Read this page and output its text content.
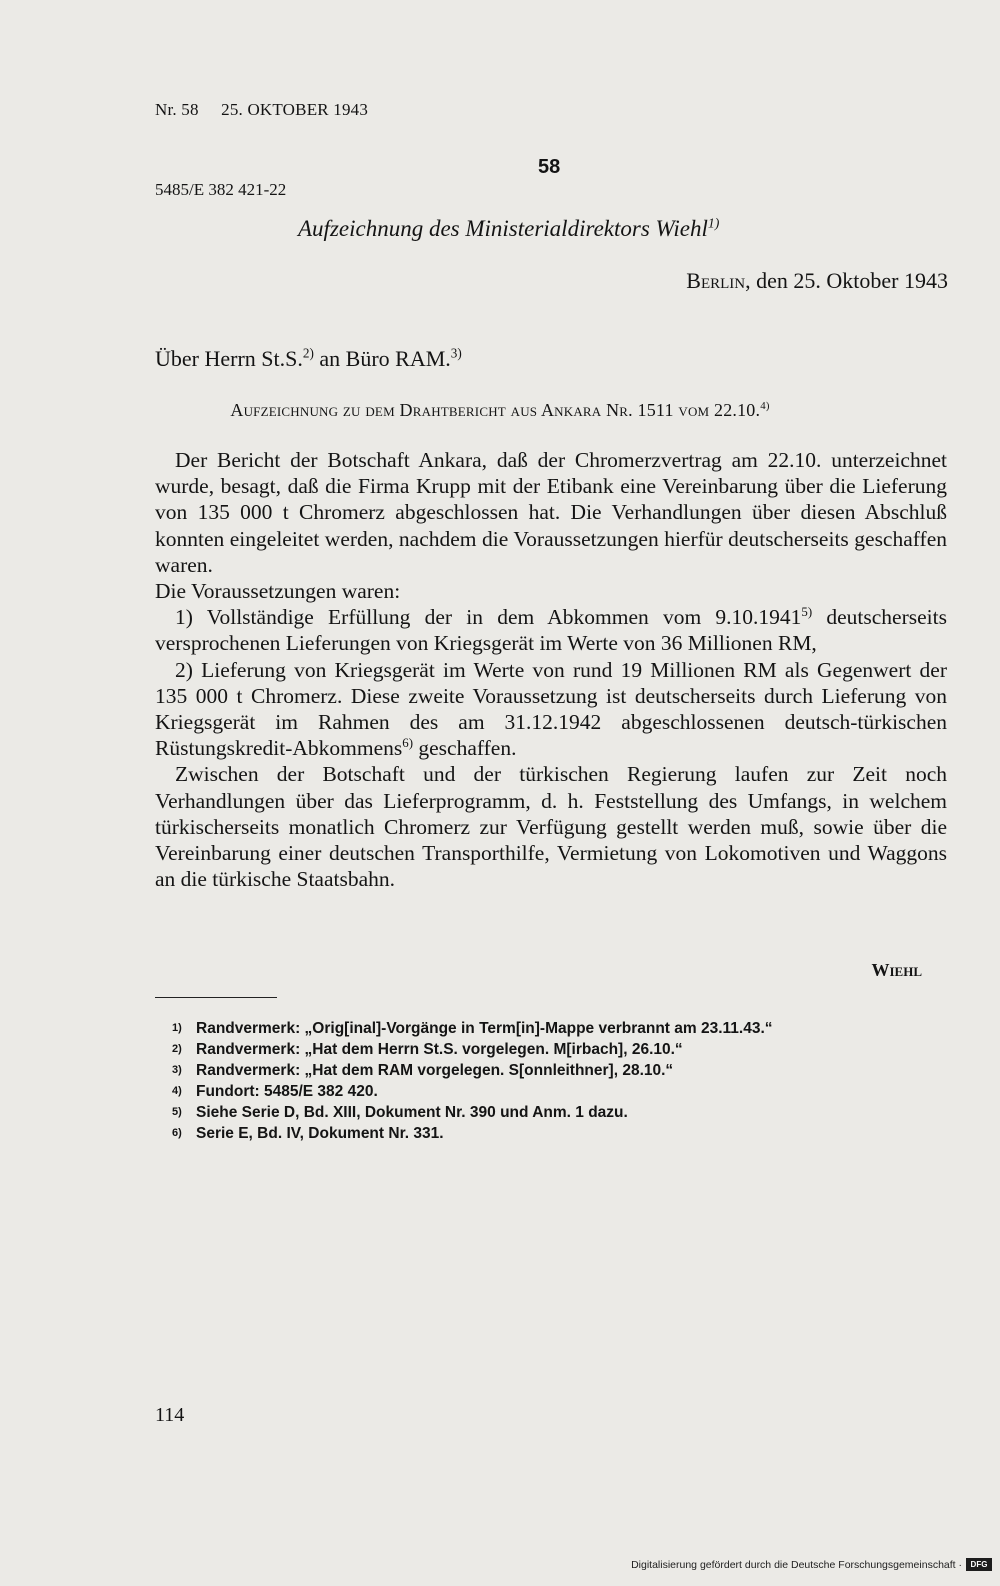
Nr. 58 25. OKTOBER 1943
58
5485/E 382 421-22
Aufzeichnung des Ministerialdirektors Wiehl$^{1)}$
Berlin, den 25. Oktober 1943
Über Herrn St.S.$^{2)}$ an Büro RAM.$^{3)}$
Aufzeichnung zu dem Drahtbericht aus Ankara Nr. 1511 vom 22.10.$^{4)}$

Der Bericht der Botschaft Ankara, daß der Chromerzvertrag am 22.10. unterzeichnet wurde, besagt, daß die Firma Krupp mit der Etibank eine Vereinbarung über die Lieferung von 135 000 t Chromerz abgeschlossen hat. Die Verhandlungen über diesen Abschluß konnten eingeleitet werden, nachdem die Voraussetzungen hierfür deutscherseits geschaffen waren.

Die Voraussetzungen waren:

1) Vollständige Erfüllung der in dem Abkommen vom 9.10.1941$^{5)}$ deutscherseits versprochenen Lieferungen von Kriegsgerät im Werte von 36 Millionen RM,

2) Lieferung von Kriegsgerät im Werte von rund 19 Millionen RM als Gegenwert der 135 000 t Chromerz. Diese zweite Voraussetzung ist deutscherseits durch Lieferung von Kriegsgerät im Rahmen des am 31.12.1942 abgeschlossenen deutsch-türkischen Rüstungskredit-Abkommens$^{6)}$ geschaffen.

Zwischen der Botschaft und der türkischen Regierung laufen zur Zeit noch Verhandlungen über das Lieferprogramm, d. h. Feststellung des Umfangs, in welchem türkischerseits monatlich Chromerz zur Verfügung gestellt werden muß, sowie über die Vereinbarung einer deutschen Transporthilfe, Vermietung von Lokomotiven und Waggons an die türkische Staatsbahn.

Wiehl
1) Randvermerk: „Orig[inal]-Vorgänge in Term[in]-Mappe verbrannt am 23.11.43.“
2) Randvermerk: „Hat dem Herrn St.S. vorgelegen. M[irbach], 26.10.“
3) Randvermerk: „Hat dem RAM vorgelegen. S[onnleithner], 28.10.“
4) Fundort: 5485/E 382 420.
5) Siehe Serie D, Bd. XIII, Dokument Nr. 390 und Anm. 1 dazu.
6) Serie E, Bd. IV, Dokument Nr. 331.
114
Digitalisierung gefördert durch die Deutsche Forschungsgemeinschaft ·	DFG
